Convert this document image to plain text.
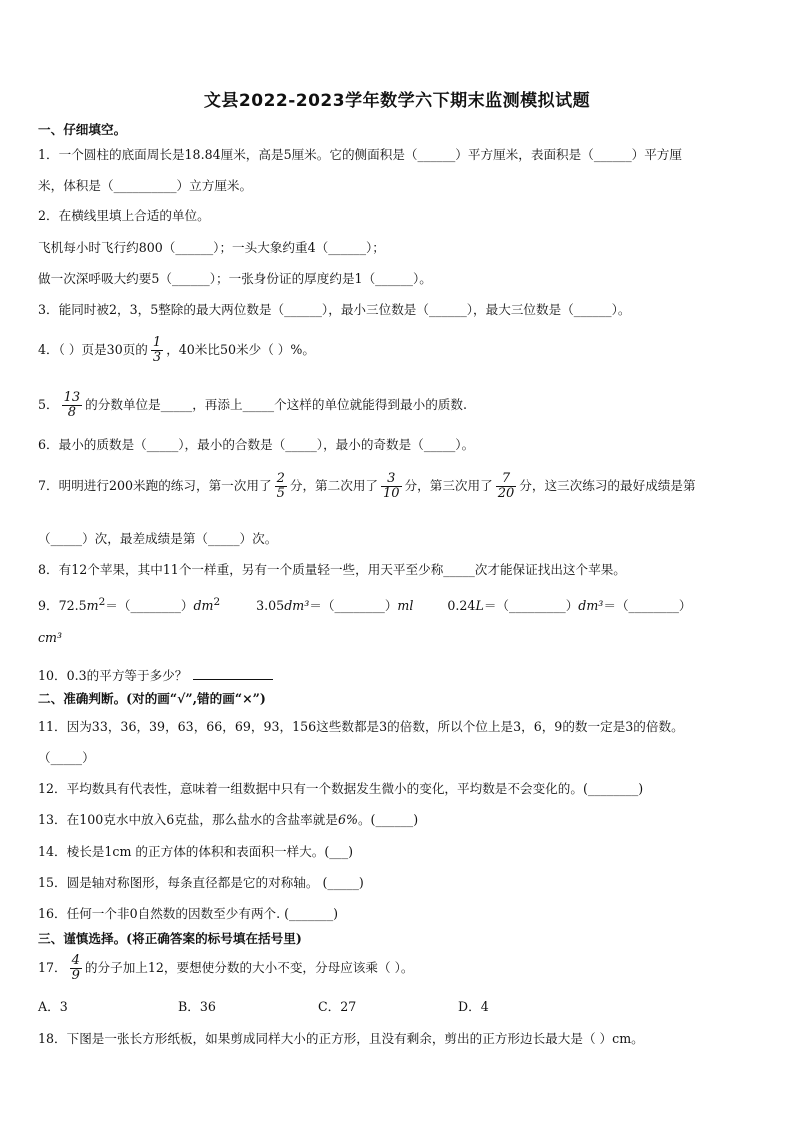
文县2022-2023学年数学六下期末监测模拟试题
一、仔细填空。
1．一个圆柱的底面周长是18.84厘米，高是5厘米。它的侧面积是（______）平方厘米，表面积是（______）平方厘
米，体积是（__________）立方厘米。
2．在横线里填上合适的单位。
飞机每小时飞行约800（______）；一头大象约重4（______）；
做一次深呼吸大约要5（______）；一张身份证的厚度约是1（______）。
3．能同时被2，3，5整除的最大两位数是（______），最小三位数是（______），最大三位数是（______）。
4．（ ）页是30页的 $\frac{1}{3}$ ，40米比50米少（ ）%。
5． $\frac{13}{8}$ 的分数单位是_____，再添上_____个这样的单位就能得到最小的质数.
6．最小的质数是（_____），最小的合数是（_____），最小的奇数是（_____）。
7．明明进行200米跑的练习，第一次用了 $\frac{2}{5}$ 分，第二次用了 $\frac{3}{10}$ 分，第三次用了 $\frac{7}{20}$ 分，这三次练习的最好成绩是第
（_____）次，最差成绩是第（_____）次。
8．有12个苹果，其中11个一样重，另有一个质量轻一些，用天平至少称_____次才能保证找出这个苹果。
9．$72.5m^2=(\_\_\_\_\_\_\_\_)dm^2$	3.05dm³＝（________）ml	0.24L＝（_________）dm³＝（________）
cm³
10．0.3的平方等于多少？
二、准确判断。(对的画“√”,错的画“×”)
11．因为33，36，39，63，66，69，93，156这些数都是3的倍数，所以个位上是3，6，9的数一定是3的倍数。
（_____）
12．平均数具有代表性，意味着一组数据中只有一个数据发生微小的变化，平均数是不会变化的。(________)
13．在100克水中放入6克盐，那么盐水的含盐率就是6%。(______)
14．棱长是1cm 的正方体的体积和表面积一样大。(___)
15．圆是轴对称图形，每条直径都是它的对称轴。 (_____)
16．任何一个非0自然数的因数至少有两个. (_______)
三、谨慎选择。(将正确答案的标号填在括号里)
17． $\frac{4}{9}$ 的分子加上12，要想使分数的大小不变，分母应该乘（ ）。
A．3	B．36	C．27	D．4
18．下图是一张长方形纸板，如果剪成同样大小的正方形，且没有剩余，剪出的正方形边长最大是（ ）cm。
